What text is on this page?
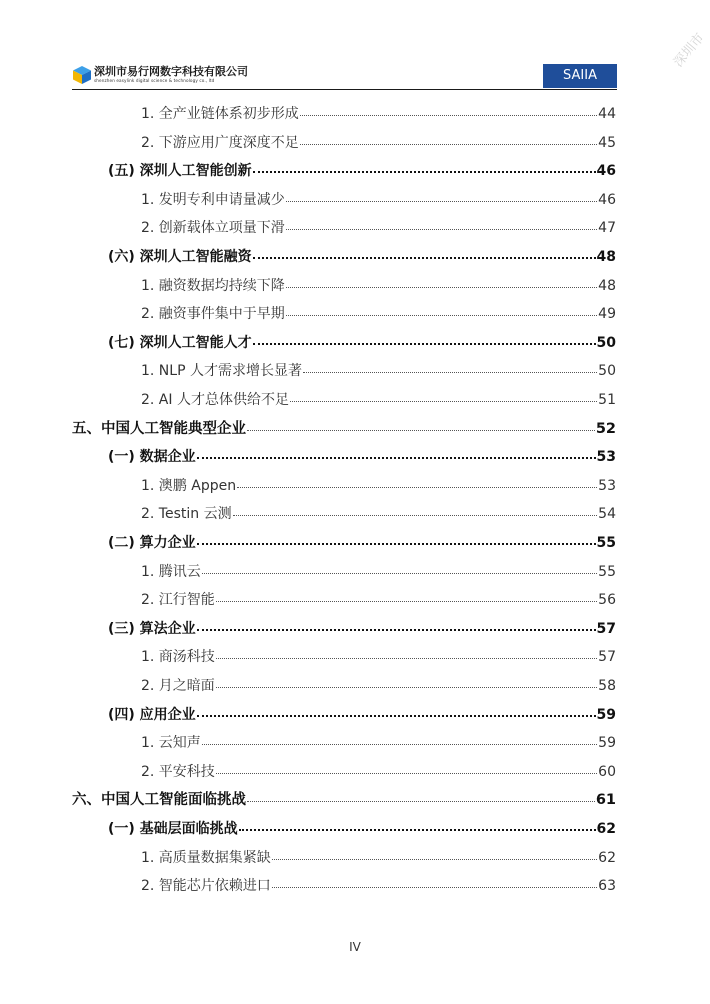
深圳市易行网数字科技有限公司
shenzhen easylink digital science & technology co., ltd	SAIIA
深圳市
1. 全产业链体系初步形成	44
2. 下游应用广度深度不足	45
(五) 深圳人工智能创新	46
1. 发明专利申请量减少	46
2. 创新载体立项量下滑	47
(六) 深圳人工智能融资	48
1. 融资数据均持续下降	48
2. 融资事件集中于早期	49
(七) 深圳人工智能人才	50
1. NLP 人才需求增长显著	50
2. AI 人才总体供给不足	51
五、中国人工智能典型企业	52
(一) 数据企业	53
1. 澳鹏 Appen	53
2. Testin 云测	54
(二) 算力企业	55
1. 腾讯云	55
2. 江行智能	56
(三) 算法企业	57
1. 商汤科技	57
2. 月之暗面	58
(四) 应用企业	59
1. 云知声	59
2. 平安科技	60
六、中国人工智能面临挑战	61
(一) 基础层面临挑战	62
1. 高质量数据集紧缺	62
2. 智能芯片依赖进口	63
IV
